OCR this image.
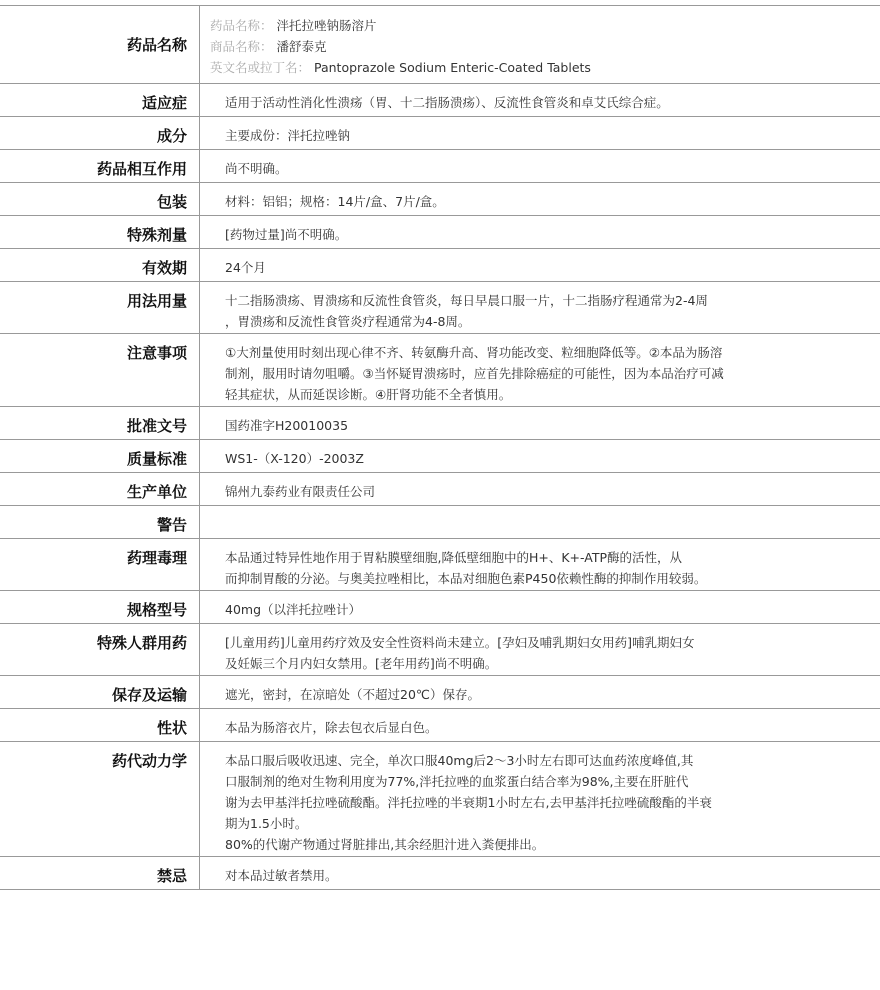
药品名称

药品名称： 泮托拉唑钠肠溶片

商品名称： 潘舒泰克

英文名或拉丁名： Pantoprazole Sodium Enteric-Coated Tablets

适应症	适用于活动性消化性溃疡（胃、十二指肠溃疡）、反流性食管炎和卓艾氏综合症。

成分	主要成份：泮托拉唑钠

药品相互作用	尚不明确。

包装	材料：铝铝；规格：14片/盒、7片/盒。

特殊剂量	[药物过量]尚不明确。

有效期	24个月

用法用量	十二指肠溃疡、胃溃疡和反流性食管炎，每日早晨口服一片，十二指肠疗程通常为2-4周

，胃溃疡和反流性食管炎疗程通常为4-8周。

注意事项	①大剂量使用时刻出现心律不齐、转氨酶升高、肾功能改变、粒细胞降低等。②本品为肠溶

制剂，服用时请勿咀嚼。③当怀疑胃溃疡时，应首先排除癌症的可能性，因为本品治疗可减

轻其症状，从而延误诊断。④肝肾功能不全者慎用。

批准文号	国药准字H20010035

质量标准	WS1-（X-120）-2003Z

生产单位	锦州九泰药业有限责任公司

警告

药理毒理	本品通过特异性地作用于胃粘膜壁细胞,降低壁细胞中的H+、K+-ATP酶的活性，从

而抑制胃酸的分泌。与奥美拉唑相比，本品对细胞色素P450依赖性酶的抑制作用较弱。

规格型号	40mg（以泮托拉唑计）

特殊人群用药	[儿童用药]儿童用药疗效及安全性资料尚未建立。[孕妇及哺乳期妇女用药]哺乳期妇女

及妊娠三个月内妇女禁用。[老年用药]尚不明确。

保存及运输	遮光，密封，在凉暗处（不超过20℃）保存。

性状	本品为肠溶衣片，除去包衣后显白色。

药代动力学	本品口服后吸收迅速、完全，单次口服40mg后2～3小时左右即可达血药浓度峰值,其

口服制剂的绝对生物利用度为77%,泮托拉唑的血浆蛋白结合率为98%,主要在肝脏代

谢为去甲基泮托拉唑硫酸酯。泮托拉唑的半衰期1小时左右,去甲基泮托拉唑硫酸酯的半衰

期为1.5小时。

80%的代谢产物通过肾脏排出,其余经胆汁进入粪便排出。

禁忌	对本品过敏者禁用。
